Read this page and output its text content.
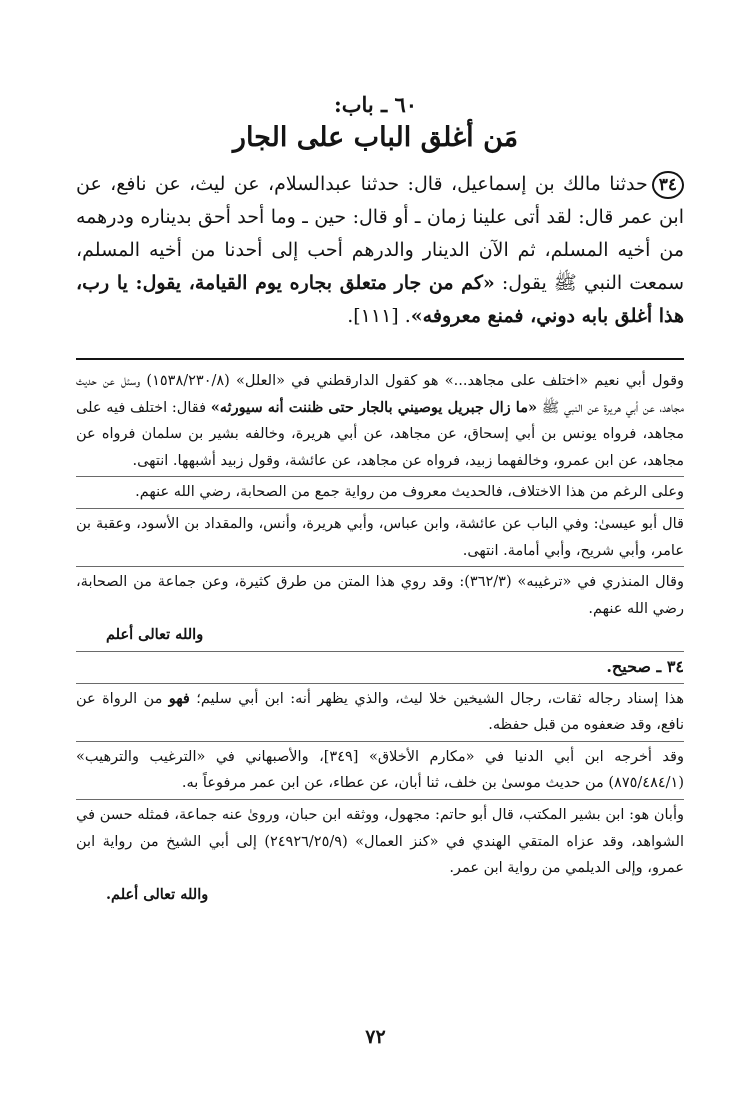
٦٠ ـ باب:
مَن أغلق الباب على الجار

٣٤حدثنا مالك بن إسماعيل، قال: حدثنا عبدالسلام، عن ليث، عن نافع، عن ابن عمر قال: لقد أتى علينا زمان ـ أو قال: حين ـ وما أحد أحق بديناره ودرهمه من أخيه المسلم، ثم الآن الدينار والدرهم أحب إلى أحدنا من أخيه المسلم، سمعت النبي ﷺ يقول: «كم من جار متعلق بجاره يوم القيامة، يقول: يا رب، هذا أغلق بابه دوني، فمنع معروفه». [١١١].

وقول أبي نعيم «اختلف على مجاهد...» هو كقول الدارقطني في «العلل» (١٥٣٨/٢٣٠/٨) وسئل عن حديث مجاهد، عن أبي هريرة عن النبي ﷺ «ما زال جبريل يوصيني بالجار حتى ظننت أنه سيورثه» فقال: اختلف فيه على مجاهد، فرواه يونس بن أبي إسحاق، عن مجاهد، عن أبي هريرة، وخالفه بشير بن سلمان فرواه عن مجاهد، عن ابن عمرو، وخالفهما زبيد، فرواه عن مجاهد، عن عائشة، وقول زبيد أشبهها. انتهى.

وعلى الرغم من هذا الاختلاف، فالحديث معروف من رواية جمع من الصحابة، رضي الله عنهم.

قال أبو عيسىٰ: وفي الباب عن عائشة، وابن عباس، وأبي هريرة، وأنس، والمقداد بن الأسود، وعقبة بن عامر، وأبي شريح، وأبي أمامة. انتهى.

وقال المنذري في «ترغيبه» (٣٦٢/٣): وقد روي هذا المتن من طرق كثيرة، وعن جماعة من الصحابة، رضي الله عنهم.

والله تعالى أعلم

٣٤ ـ صحيح.

هذا إسناد رجاله ثقات، رجال الشيخين خلا ليث، والذي يظهر أنه: ابن أبي سليم؛ فهو من الرواة عن نافع، وقد ضعفوه من قبل حفظه.

وقد أخرجه ابن أبي الدنيا في «مكارم الأخلاق» [٣٤٩]، والأصبهاني في «الترغيب والترهيب» (٨٧٥/٤٨٤/١) من حديث موسىٰ بن خلف، ثنا أبان، عن عطاء، عن ابن عمر مرفوعاً به.

وأبان هو: ابن بشير المكتب، قال أبو حاتم: مجهول، ووثقه ابن حبان، وروىٰ عنه جماعة، فمثله حسن في الشواهد، وقد عزاه المتقي الهندي في «كنز العمال» (٢٤٩٢٦/٢٥/٩) إلى أبي الشيخ من رواية ابن عمرو، وإلى الديلمي من رواية ابن عمر.

والله تعالى أعلم.

٧٢
